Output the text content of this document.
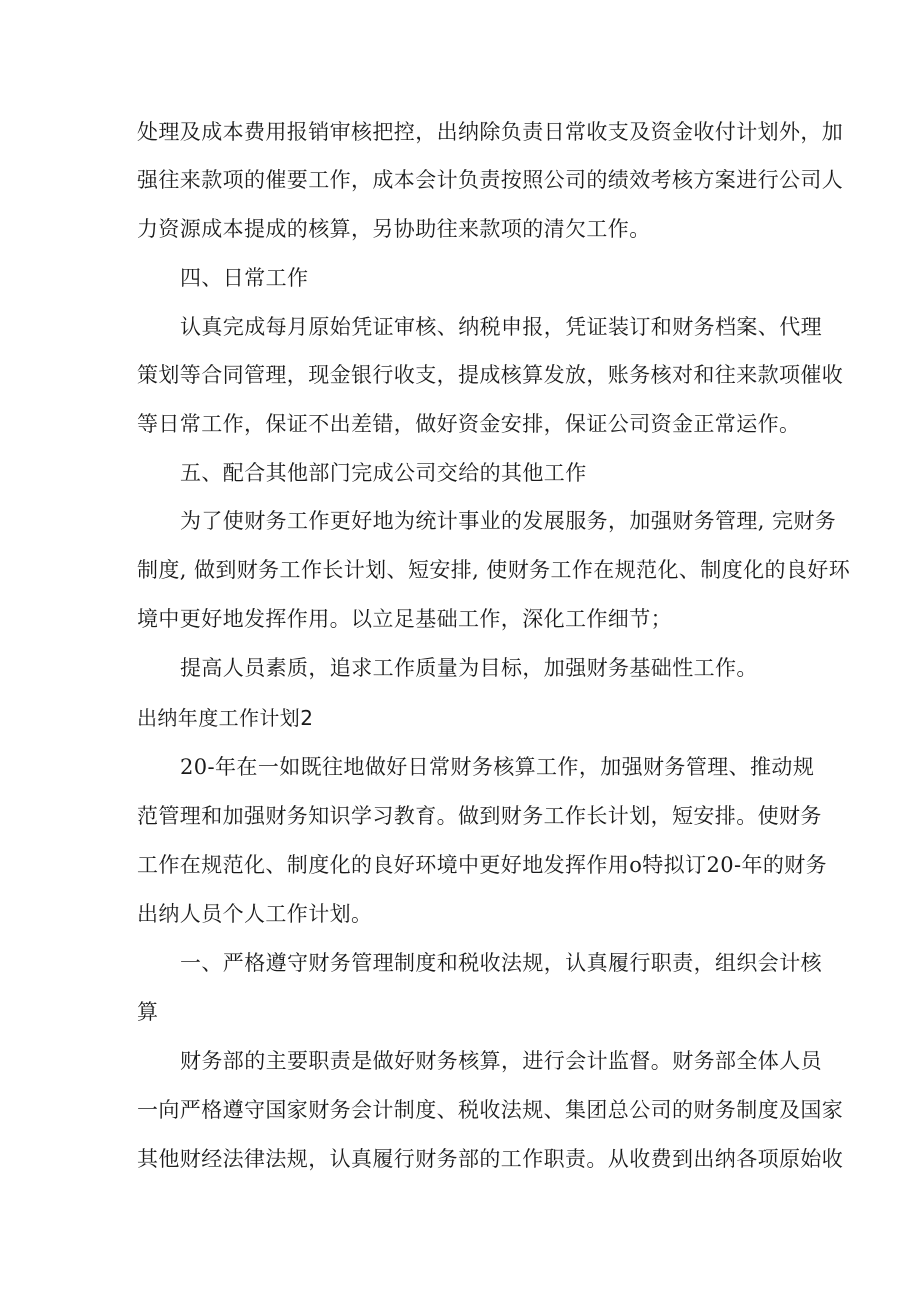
处理及成本费用报销审核把控，出纳除负责日常收支及资金收付计划外，加
强往来款项的催要工作，成本会计负责按照公司的绩效考核方案进行公司人
力资源成本提成的核算，另协助往来款项的清欠工作。
四、日常工作
认真完成每月原始凭证审核、纳税申报，凭证装订和财务档案、代理
策划等合同管理，现金银行收支，提成核算发放，账务核对和往来款项催收
等日常工作，保证不出差错，做好资金安排，保证公司资金正常运作。
五、配合其他部门完成公司交给的其他工作
为了使财务工作更好地为统计事业的发展服务，加强财务管理, 完财务
制度, 做到财务工作长计划、短安排, 使财务工作在规范化、制度化的良好环
境中更好地发挥作用。以立足基础工作，深化工作细节；
提高人员素质，追求工作质量为目标，加强财务基础性工作。
出纳年度工作计划2
20-年在一如既往地做好日常财务核算工作，加强财务管理、推动规
范管理和加强财务知识学习教育。做到财务工作长计划，短安排。使财务
工作在规范化、制度化的良好环境中更好地发挥作用o特拟订20-年的财务
出纳人员个人工作计划。
一、严格遵守财务管理制度和税收法规，认真履行职责，组织会计核
算
财务部的主要职责是做好财务核算，进行会计监督。财务部全体人员
一向严格遵守国家财务会计制度、税收法规、集团总公司的财务制度及国家
其他财经法律法规，认真履行财务部的工作职责。从收费到出纳各项原始收
